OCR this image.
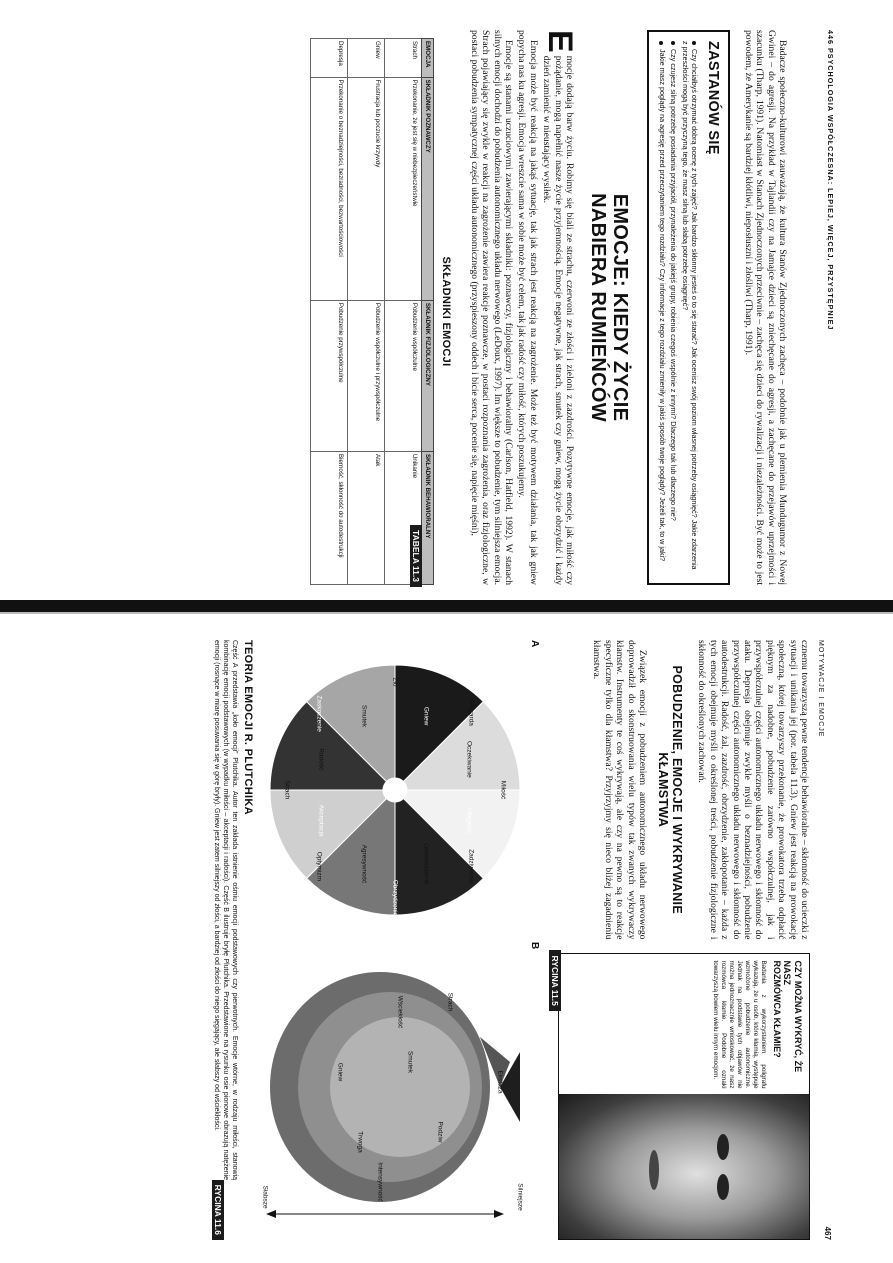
446 PSYCHOLOGIA WSPÓŁCZESNA: LEPIEJ, WIĘCEJ, PRZYSTĘPNIEJ

Badacze społeczno-kulturowi zauważają, że kultura Stanów Zjednoczonych zachęca – podobnie jak u plemienia Mundugumor z Nowej Gwinei – do agresji. Na przykład w Tajlandii czy na Jamajce dzieci są zniechęcane do agresji, a zachęcane do przejawów uprzejmości i szacunku (Tharp, 1991). Natomiast w Stanach Zjednoczonych przeciwnie – zachęca się dzieci do rywalizacji i niezależności. Być może to jest powodem, że Amerykanie są bardziej kłótliwi, nieposłuszni i złośliwi (Tharp, 1991).

ZASTANÓW SIĘ
Czy chciałbyś otrzymać dobrą ocenę z tych zajęć? Jak bardzo skłonny jesteś o to się starać? Jak ocenisz swój poziom własnej potrzeby osiągnięć? Jakie zdarzenia z przeszłości mogą być przyczyną tego, że masz silną lub słabą potrzebę osiągnięć?
Czy czujesz silną potrzebę posiadania przyjaciół, przynależenia do jakiejś grupy, robienia czegoś wspólnie z innymi? Dlaczego tak lub dlaczego nie?
Jakie masz poglądy na agresję przed przeczytaniem tego rozdziału? Czy informacje z tego rozdziału zmieniły w jakiś sposób twoje poglądy? Jeżeli tak, to w jaki?
EMOCJE: KIEDY ŻYCIE
NABIERA RUMIEŃCÓW

E
mocje dodają barw życiu. Robimy się biali ze strachu, czerwoni ze złości i zieloni z zazdrości. Pozytywne emocje, jak miłość czy pożądanie, mogą napełnić nasze życie przyjemnością. Emocje negatywne, jak strach, smutek czy gniew, mogą życie obrzydzić i każdy dzień zamienić w nieustający wysiłek.

Emocja może być reakcją na jakąś sytuację, tak jak strach jest reakcją na zagrożenie. Może też być motywem działania, tak jak gniew popycha nas ku agresji. Emocja wreszcie sama w sobie może być celem, tak jak radość czy miłość, których poszukujemy.

Emocje są stanami uczuciowymi zawierającymi składniki: poznawczy, fizjologiczny i behawioralny (Carlson, Hatfield, 1992). W stanach silnych emocji dochodzi do pobudzenia autonomicznego układu nerwowego (LeDoux, 1997). Im większe to pobudzenie, tym silniejsza emocja. Strach pojawiający się zwykle w reakcji na zagrożenie zawiera reakcje poznawcze, w postaci rozpoznania zagrożenia, oraz fizjologiczne, w postaci pobudzenia sympatycznej części układu autonomicznego (przyspieszony oddech i bicie serca, pocenie się, napięcie mięśni),

SKŁADNIKI EMOCJI
TABELA 11.3
EMOCJA	SKŁADNIK POZNAWCZY	SKŁADNIK FIZJOLOGICZNY	SKŁADNIK BEHAWIORALNY
Strach	Przekonanie, że jest się w niebezpieczeństwie	Pobudzenie współczulne	Unikanie
Gniew	Frustracja lub poczucie krzywdy	Pobudzenie współczulne i przywspółczulne	Atak
Depresja	Przekonanie o beznadziejności, bezradności, bezwartościowości	Pobudzenie przywspółczulne	Bierność, skłonność do autodestrukcji
MOTYWACJE I EMOCJE
467

cznemu towarzyszą pewne tendencje behawioralne – skłonność do ucieczki z sytuacji i unikania jej (por. tabela 11.3). Gniew jest reakcją na prowokację społeczną, której towarzyszy przekonanie, że prowokatora trzeba odpłacić pięknym za nadobne, pobudzenie zarówno współczulnej, jak i przywspółczulnej części autonomicznego układu nerwowego i skłonność do ataku. Depresja obejmuje zwykle myśli o beznadziejności, pobudzenie przywspółczulnej części autonomicznego układu nerwowego i skłonność do autodestrukcji. Radość, żal, zazdrość, obrzydzenie, zakłopotanie – każda z tych emocji obejmuje myśli o określonej treści, pobudzenie fizjologiczne i skłonność do określonych zachowań.

POBUDZENIE, EMOCJE I WYKRYWANIE
KŁAMSTWA

Związek emocji z pobudzeniem autonomicznego układu nerwowego doprowadził do skonstruowania wielu typów tak zwanych wykrywaczy kłamstw. Instrumenty te coś wykrywają, ale czy na pewno są to reakcje specyficzne tylko dla kłamstwa? Przyjrzyjmy się nieco bliżej zagadnieniu kłamstwa.

CZY MOŻNA WYKRYĆ, ŻE NASZ
ROZMÓWCA KŁAMIE?
Badania z wykorzystaniem poligrafu wykazują, że u osób, które kłamią, występuje wzmożone pobudzenie autonomiczne. Jednak na podstawie tych objawów nie można jednoznacznie wnioskować, że nasz rozmówca kłamie. Podobne oznaki towarzyszą bowiem wielu innym emocjom.
RYCINA 11.5
A
Miłość
Uległość
Zadziwienie
Lekceważenie
Obrzydzenie
Agresywność
Optymizm
Akceptacja
Strach
Radość
Zaskoczenie	Smutek
Zło
Gniew	Pogarda
Oczekiwanie
B
Silniejsze
Słabsze	Intensywność
Strach
Podziw
Ekstaza
Smutek
Wściekłość
Gniew
Trwoga
TEORIA EMOCJI R. PLUTCHIKA

Część A przedstawia „koło emocji” Plutchika. Autor ten zakłada istnienie ośmiu emocji podstawowych czy pierwotnych. Emocje wtórne, w rodzaju miłości, stanowią kombinację emocji podstawowych (w wypadku miłości – akceptacji i radości). Część B ilustruje bryłę Plutchika. Przedstawione na rysunku osie pionowe obrazują natężenie emocji (rosnące w miarę posuwania się w górę bryły). Gniew jest zatem silniejszy od złości, a bardziej od złości do niego sięgający, ale słabszy od wściekłości.

RYCINA 11.6
